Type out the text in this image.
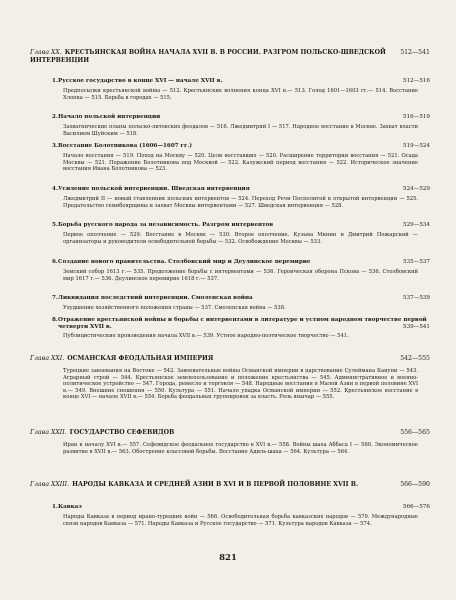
Глава XX. КРЕСТЬЯНСКАЯ ВОЙНА НАЧАЛА XVII В. В РОССИИ. РАЗГРОМ ПОЛЬСКО-ШВЕДСКОЙ ИНТЕРВЕНЦИИ
512—541
1. Русское государство в конце XVI — начале XVII в.	512—516
Предпосылки крестьянской войны — 512. Крестьянские волнения конца XVI в.— 513. Голод 1601—1603 гг.— 514. Восстание Хлопка — 515. Борьба в городах — 515.
2. Начало польской интервенции	516—519
Захватнические планы польско-литовских феодалов — 516. Лжедмитрий I — 517. Народное восстание в Москве. Захват власти Василием Шуйским — 518.
3. Восстание Болотникова (1606—1607 гг.)	519—524
Начало восстания — 519. Поход на Москву — 520. Цели восставших — 520. Расширение территории восстания — 521. Осада Москвы — 521. Поражение Болотникова под Москвой — 522. Калужский период восстания — 522. Историческое значение восстания Ивана Болотникова — 523.
4. Усиление польской интервенции. Шведская интервенция	524—529
Лжедмитрий II — новый ставленник польских интервентов — 524. Переход Речи Посполитой к открытой интервенции — 525. Предательство семибоярщины и захват Москвы интервентами — 527. Шведская интервенция — 528.
5. Борьба русского народа за независимость. Разгром интервентов	529—534
Первое ополчение — 529. Восстание в Москве — 530. Второе ополчение. Кузьма Минин и Дмитрий Пожарский — организаторы и руководители освободительной борьбы — 532. Освобождение Москвы — 533.
6. Создание нового правительства. Столбовский мир и Деулинское перемирие	535—537
Земский собор 1613 г.— 535. Продолжение борьбы с интервентами — 536. Героическая оборона Пскова — 536. Столбовский мир 1617 г.— 536. Деулинское перемирие 1618 г.— 537.
7. Ликвидация последствий интервенции. Смоленская война	537—539
Ухудшение хозяйственного положения страны — 537. Смоленская война — 538.
8. Отражение крестьянской войны и борьбы с интервентами в литературе и устном народном творчестве первой четверти XVII в.	539—541
Публицистические произведения начала XVII в.— 539. Устное народно-поэтическое творчество — 541.
Глава XXI. ОСМАНСКАЯ ФЕОДАЛЬНАЯ ИМПЕРИЯ	542—555
Турецкие завоевания на Востоке — 542. Завоевательные войны Османской империи в царствование Сулеймана Кануни — 543. Аграрный строй — 544. Крестьянское землепользование и положение крестьянства — 545. Административное и военно-политическое устройство — 547. Города, ремесло и торговля — 548. Народные восстания в Малой Азии в первой половине XVI в.— 549. Внешние сношения — 550. Культура — 551. Начало упадка Османской империи — 552. Крестьянское восстание в конце XVI — начале XVII в.— 554. Борьба феодальных группировок за власть. Роль янычар — 555.
Глава XXII. ГОСУДАРСТВО СЕФЕВИДОВ	556—565
Иран к началу XVI в.— 557. Сефевидское феодальное государство в XVI в.— 558. Войны шаха Аббаса I — 560. Экономическое развитие в XVII в.— 563. Обострение классовой борьбы. Восстание Адиль-шаха — 564. Культура — 564.
Глава XXIII. НАРОДЫ КАВКАЗА И СРЕДНЕЙ АЗИИ В XVI И В ПЕРВОЙ ПОЛОВИНЕ XVII В.	566—590
1. Кавказ	566—576
Народы Кавказа в период ирано-турецких войн — 566. Освободительная борьба кавказских народов — 570. Международные связи народов Кавказа — 571. Народы Кавказа и Русское государство — 571. Культура народов Кавказа — 574.
821
